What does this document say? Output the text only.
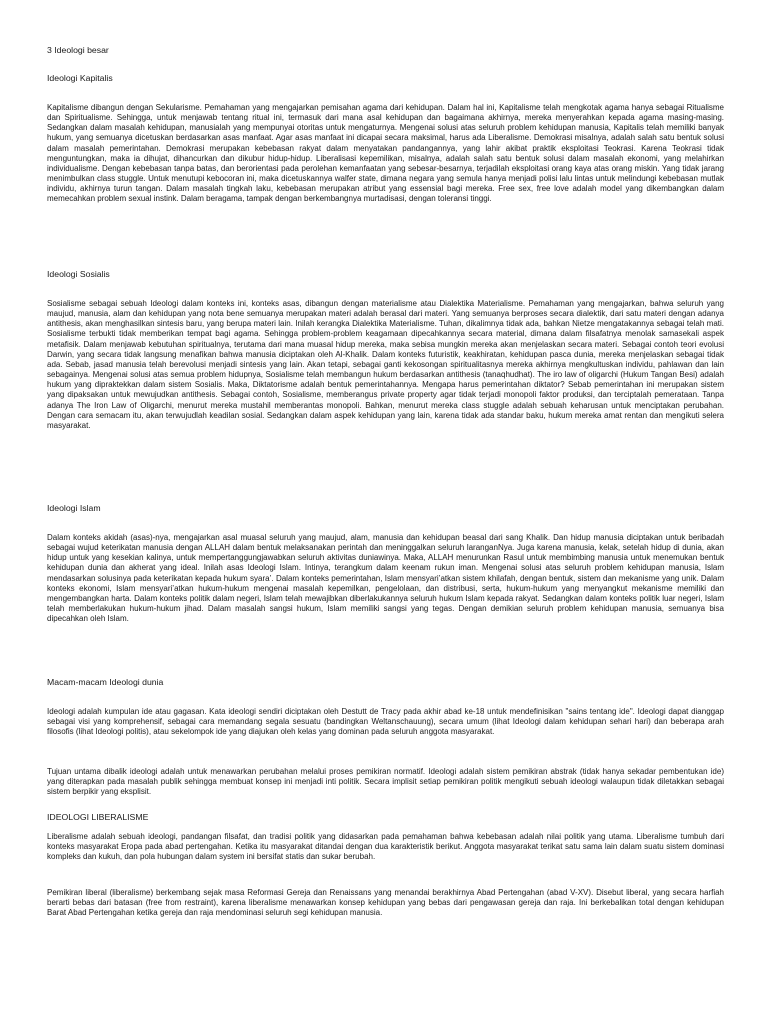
3 Ideologi besar
Ideologi Kapitalis

Kapitalisme dibangun dengan Sekularisme. Pemahaman yang mengajarkan pemisahan agama dari kehidupan. Dalam hal ini, Kapitalisme telah mengkotak agama hanya sebagai Ritualisme dan Spiritualisme. Sehingga, untuk menjawab tentang ritual ini, termasuk dari mana asal kehidupan dan bagaimana akhirnya, mereka menyerahkan kepada agama masing-masing. Sedangkan dalam masalah kehidupan, manusialah yang mempunyai otoritas untuk mengaturnya. Mengenai solusi atas seluruh problem kehidupan manusia, Kapitalis telah memiliki banyak hukum, yang semuanya dicetuskan berdasarkan asas manfaat. Agar asas manfaat ini dicapai secara maksimal, harus ada Liberalisme. Demokrasi misalnya, adalah salah satu bentuk solusi dalam masalah pemerintahan. Demokrasi merupakan kebebasan rakyat dalam menyatakan pandangannya, yang lahir akibat praktik eksploitasi Teokrasi. Karena Teokrasi tidak menguntungkan, maka ia dihujat, dihancurkan dan dikubur hidup-hidup. Liberalisasi kepemilikan, misalnya, adalah salah satu bentuk solusi dalam masalah ekonomi, yang melahirkan individualisme. Dengan kebebasan tanpa batas, dan berorientasi pada perolehan kemanfaatan yang sebesar-besarnya, terjadilah eksploitasi orang kaya atas orang miskin. Yang tidak jarang menimbulkan class stuggle. Untuk menutupi kebocoran ini, maka dicetuskannya walfer state, dimana negara yang semula hanya menjadi polisi lalu lintas untuk melindungi kebebasan mutlak individu, akhirnya turun tangan. Dalam masalah tingkah laku, kebebasan merupakan atribut yang essensial bagi mereka. Free sex, free love adalah model yang dikembangkan dalam memecahkan problem sexual instink. Dalam beragama, tampak dengan berkembangnya murtadisasi, dengan toleransi tinggi.

Ideologi Sosialis

Sosialisme sebagai sebuah Ideologi dalam konteks ini, konteks asas, dibangun dengan materialisme atau Dialektika Materialisme. Pemahaman yang mengajarkan, bahwa seluruh yang maujud, manusia, alam dan kehidupan yang nota bene semuanya merupakan materi adalah berasal dari materi. Yang semuanya berproses secara dialektik, dari satu materi dengan adanya antithesis, akan menghasilkan sintesis baru, yang berupa materi lain. Inilah kerangka Dialektika Materialisme. Tuhan, dikalimnya tidak ada, bahkan Nietze mengatakannya sebagai telah mati. Sosialisme terbukti tidak memberikan tempat bagi agama. Sehingga problem-problem keagamaan dipecahkannya secara material, dimana dalam filsafatnya menolak samasekali aspek metafisik. Dalam menjawab kebutuhan spiritualnya, terutama dari mana muasal hidup mereka, maka sebisa mungkin mereka akan menjelaskan secara materi. Sebagai contoh teori evolusi Darwin, yang secara tidak langsung menafikan bahwa manusia diciptakan oleh Al-Khalik. Dalam konteks futuristik, keakhiratan, kehidupan pasca dunia, mereka menjelaskan sebagai tidak ada. Sebab, jasad manusia telah berevolusi menjadi sintesis yang lain. Akan tetapi, sebagai ganti kekosongan spiritualitasnya mereka akhirnya mengkultuskan individu, pahlawan dan lain sebagainya. Mengenai solusi atas semua problem hidupnya, Sosialisme telah membangun hukum berdasarkan antithesis (tanaqhudhat). The iro law of oligarchi (Hukum Tangan Besi) adalah hukum yang dipraktekkan dalam sistem Sosialis. Maka, Diktatorisme adalah bentuk pemerintahannya. Mengapa harus pemerintahan diktator? Sebab pemerintahan ini merupakan sistem yang dipaksakan untuk mewujudkan antithesis. Sebagai contoh, Sosialisme, memberangus private property agar tidak terjadi monopoli faktor produksi, dan terciptalah pemerataan. Tanpa adanya The Iron Law of Oligarchi, menurut mereka mustahil memberantas monopoli. Bahkan, menurut mereka class stuggle adalah sebuah keharusan untuk menciptakan perubahan. Dengan cara semacam itu, akan terwujudlah keadilan sosial. Sedangkan dalam aspek kehidupan yang lain, karena tidak ada standar baku, hukum mereka amat rentan dan mengikuti selera masyarakat.

Ideologi Islam

Dalam konteks akidah (asas)-nya, mengajarkan asal muasal seluruh yang maujud, alam, manusia dan kehidupan beasal dari sang Khalik. Dan hidup manusia diciptakan untuk beribadah sebagai wujud keterikatan manusia dengan ALLAH dalam bentuk melaksanakan perintah dan meninggalkan seluruh laranganNya. Juga karena manusia, kelak, setelah hidup di dunia, akan hidup untuk yang kesekian kalinya, untuk mempertanggungjawabkan seluruh aktivitas duniawinya. Maka, ALLAH menurunkan Rasul untuk membimbing manusia untuk menemukan bentuk kehidupan dunia dan akherat yang ideal. Inilah asas Ideologi Islam. Intinya, terangkum dalam keenam rukun iman. Mengenai solusi atas seluruh problem kehidupan manusia, Islam mendasarkan solusinya pada keterikatan kepada hukum syara’. Dalam konteks pemerintahan, Islam mensyari’atkan sistem khilafah, dengan bentuk, sistem dan mekanisme yang unik. Dalam konteks ekonomi, Islam mensyari’atkan hukum-hukum mengenai masalah kepemilkan, pengelolaan, dan distribusi, serta, hukum-hukum yang menyangkut mekanisme memiliki dan mengembangkan harta. Dalam konteks politik dalam negeri, Islam telah mewajibkan diberlakukannya seluruh hukum Islam kepada rakyat. Sedangkan dalam konteks politik luar negeri, Islam telah memberlakukan hukum-hukum jihad. Dalam masalah sangsi hukum, Islam memiliki sangsi yang tegas. Dengan demikian seluruh problem kehidupan manusia, semuanya bisa dipecahkan oleh Islam.

Macam-macam Ideologi dunia

Ideologi adalah kumpulan ide atau gagasan. Kata ideologi sendiri diciptakan oleh Destutt de Tracy pada akhir abad ke-18 untuk mendefinisikan "sains tentang ide". Ideologi dapat dianggap sebagai visi yang komprehensif, sebagai cara memandang segala sesuatu (bandingkan Weltanschauung), secara umum (lihat Ideologi dalam kehidupan sehari hari) dan beberapa arah filosofis (lihat Ideologi politis), atau sekelompok ide yang diajukan oleh kelas yang dominan pada seluruh anggota masyarakat.

Tujuan untama dibalik ideologi adalah untuk menawarkan perubahan melalui proses pemikiran normatif. Ideologi adalah sistem pemikiran abstrak (tidak hanya sekadar pembentukan ide) yang diterapkan pada masalah publik sehingga membuat konsep ini menjadi inti politik. Secara implisit setiap pemikiran politik mengikuti sebuah ideologi walaupun tidak diletakkan sebagai sistem berpikir yang eksplisit.

IDEOLOGI LIBERALISME

Liberalisme adalah sebuah ideologi, pandangan filsafat, dan tradisi politik yang didasarkan pada pemahaman bahwa kebebasan adalah nilai politik yang utama. Liberalisme tumbuh dari konteks masyarakat Eropa pada abad pertengahan. Ketika itu masyarakat ditandai dengan dua karakteristik berikut. Anggota masyarakat terikat satu sama lain dalam suatu sistem dominasi kompleks dan kukuh, dan pola hubungan dalam system ini bersifat statis dan sukar berubah.

Pemikiran liberal (liberalisme) berkembang sejak masa Reformasi Gereja dan Renaissans yang menandai berakhirnya Abad Pertengahan (abad V-XV). Disebut liberal, yang secara harfiah berarti bebas dari batasan (free from restraint), karena liberalisme menawarkan konsep kehidupan yang bebas dari pengawasan gereja dan raja. Ini berkebalikan total dengan kehidupan Barat Abad Pertengahan ketika gereja dan raja mendominasi seluruh segi kehidupan manusia.
